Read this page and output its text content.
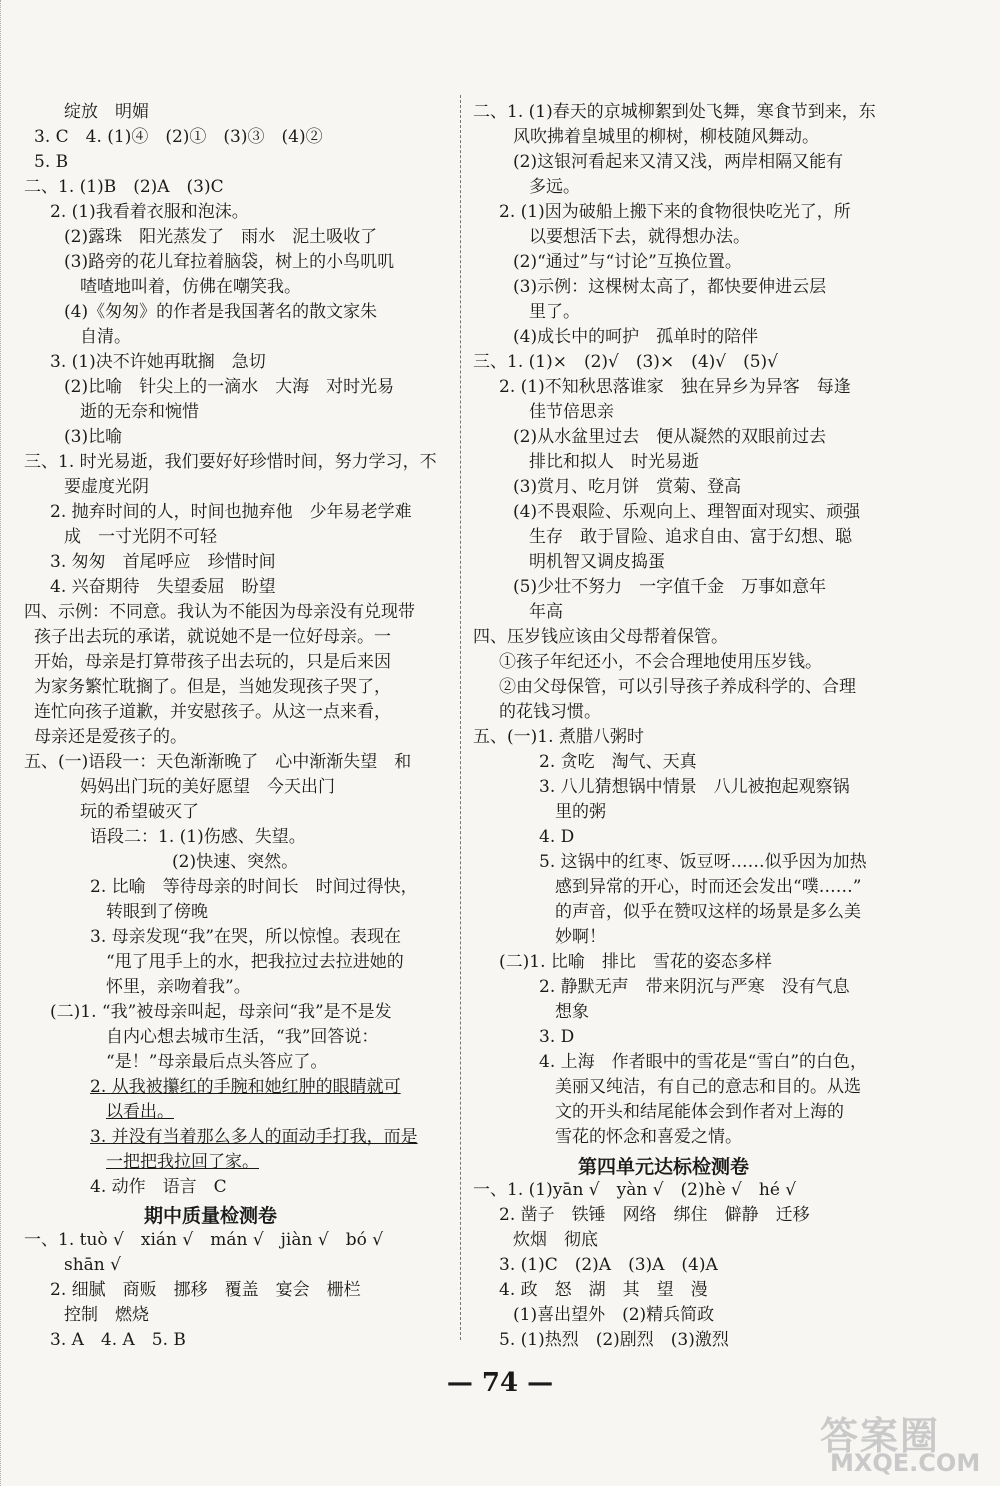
绽放　明媚
3. C　4. (1)④　(2)①　(3)③　(4)②
5. B
二、1. (1)B　(2)A　(3)C
2. (1)我看着衣服和泡沫。
(2)露珠　阳光蒸发了　雨水　泥土吸收了
(3)路旁的花儿耷拉着脑袋，树上的小鸟叽叽
喳喳地叫着，仿佛在嘲笑我。
(4)《匆匆》的作者是我国著名的散文家朱
自清。
3. (1)决不许她再耽搁　急切
(2)比喻　针尖上的一滴水　大海　对时光易
逝的无奈和惋惜
(3)比喻
三、1. 时光易逝，我们要好好珍惜时间，努力学习，不
要虚度光阴
2. 抛弃时间的人，时间也抛弃他　少年易老学难
成　一寸光阴不可轻
3. 匆匆　首尾呼应　珍惜时间
4. 兴奋期待　失望委屈　盼望
四、示例：不同意。我认为不能因为母亲没有兑现带
孩子出去玩的承诺，就说她不是一位好母亲。一
开始，母亲是打算带孩子出去玩的，只是后来因
为家务繁忙耽搁了。但是，当她发现孩子哭了，
连忙向孩子道歉，并安慰孩子。从这一点来看，
母亲还是爱孩子的。
五、(一)语段一：天色渐渐晚了　心中渐渐失望　和
妈妈出门玩的美好愿望　今天出门
玩的希望破灭了
语段二：1. (1)伤感、失望。
(2)快速、突然。
2. 比喻　等待母亲的时间长　时间过得快，
转眼到了傍晚
3. 母亲发现“我”在哭，所以惊惶。表现在
“甩了甩手上的水，把我拉过去拉进她的
怀里，亲吻着我”。
(二)1. “我”被母亲叫起，母亲问“我”是不是发
自内心想去城市生活，“我”回答说：
“是！”母亲最后点头答应了。
2. 从我被攥红的手腕和她红肿的眼睛就可
以看出。
3. 并没有当着那么多人的面动手打我，而是
一把把我拉回了家。
4. 动作　语言　C
期中质量检测卷
一、1. tuò √　xián √　mán √　jiàn √　bó √
shān √
2. 细腻　商贩　挪移　覆盖　宴会　栅栏
控制　燃烧
3. A　4. A　5. B
二、1. (1)春天的京城柳絮到处飞舞，寒食节到来，东
风吹拂着皇城里的柳树，柳枝随风舞动。
(2)这银河看起来又清又浅，两岸相隔又能有
多远。
2. (1)因为破船上搬下来的食物很快吃光了，所
以要想活下去，就得想办法。
(2)“通过”与“讨论”互换位置。
(3)示例：这棵树太高了，都快要伸进云层
里了。
(4)成长中的呵护　孤单时的陪伴
三、1. (1)×　(2)√　(3)×　(4)√　(5)√
2. (1)不知秋思落谁家　独在异乡为异客　每逢
佳节倍思亲
(2)从水盆里过去　便从凝然的双眼前过去
排比和拟人　时光易逝
(3)赏月、吃月饼　赏菊、登高
(4)不畏艰险、乐观向上、理智面对现实、顽强
生存　敢于冒险、追求自由、富于幻想、聪
明机智又调皮捣蛋
(5)少壮不努力　一字值千金　万事如意年
年高
四、压岁钱应该由父母帮着保管。
①孩子年纪还小，不会合理地使用压岁钱。
②由父母保管，可以引导孩子养成科学的、合理
的花钱习惯。
五、(一)1. 煮腊八粥时
2. 贪吃　淘气、天真
3. 八儿猜想锅中情景　八儿被抱起观察锅
里的粥
4. D
5. 这锅中的红枣、饭豆呀……似乎因为加热
感到异常的开心，时而还会发出“噗……”
的声音，似乎在赞叹这样的场景是多么美
妙啊！
(二)1. 比喻　排比　雪花的姿态多样
2. 静默无声　带来阴沉与严寒　没有气息
想象
3. D
4. 上海　作者眼中的雪花是“雪白”的白色，
美丽又纯洁，有自己的意志和目的。从选
文的开头和结尾能体会到作者对上海的
雪花的怀念和喜爱之情。
第四单元达标检测卷
一、1. (1)yān √　yàn √　(2)hè √　hé √
2. 凿子　铁锤　网络　绑住　僻静　迁移
炊烟　彻底
3. (1)C　(2)A　(3)A　(4)A
4. 政　怒　湖　其　望　漫
(1)喜出望外　(2)精兵简政
5. (1)热烈　(2)剧烈　(3)激烈
— 74 —
答案圈
MXQE.COM
